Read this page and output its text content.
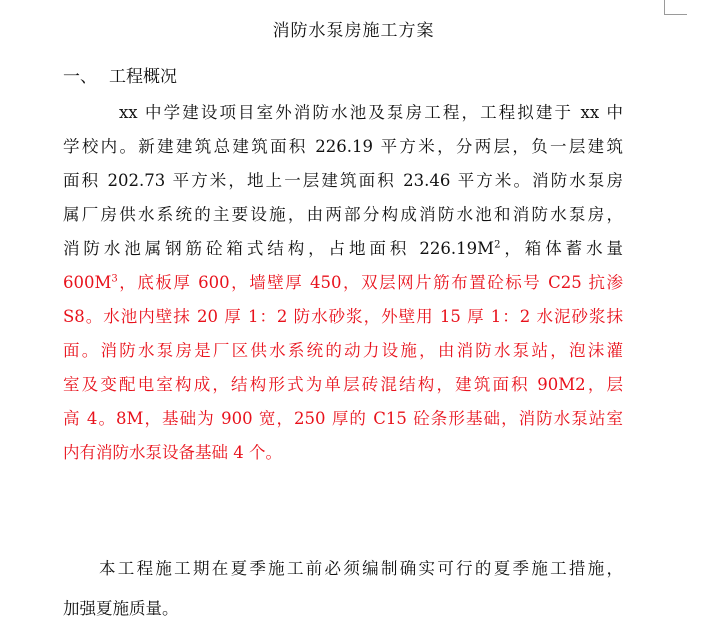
消防水泵房施工方案
一、 工程概况
xx 中学建设项目室外消防水池及泵房工程，工程拟建于 xx 中
学校内。新建建筑总建筑面积 226.19 平方米，分两层，负一层建筑
面积 202.73 平方米，地上一层建筑面积 23.46 平方米。消防水泵房
属厂房供水系统的主要设施，由两部分构成消防水池和消防水泵房，
消防水池属钢筋砼箱式结构，占地面积 $226.19M^2$，箱体蓄水量
$600M^3$，底板厚 600，墙壁厚 450，双层网片筋布置砼标号 C25 抗渗
S8。水池内壁抹 20 厚 1：2 防水砂浆，外壁用 15 厚 1：2 水泥砂浆抹
面。消防水泵房是厂区供水系统的动力设施，由消防水泵站，泡沫灌
室及变配电室构成，结构形式为单层砖混结构，建筑面积 90M2，层
高 4。8M，基础为 900 宽，250 厚的 C15 砼条形基础，消防水泵站室
内有消防水泵设备基础 4 个。
本工程施工期在夏季施工前必须编制确实可行的夏季施工措施，
加强夏施质量。
